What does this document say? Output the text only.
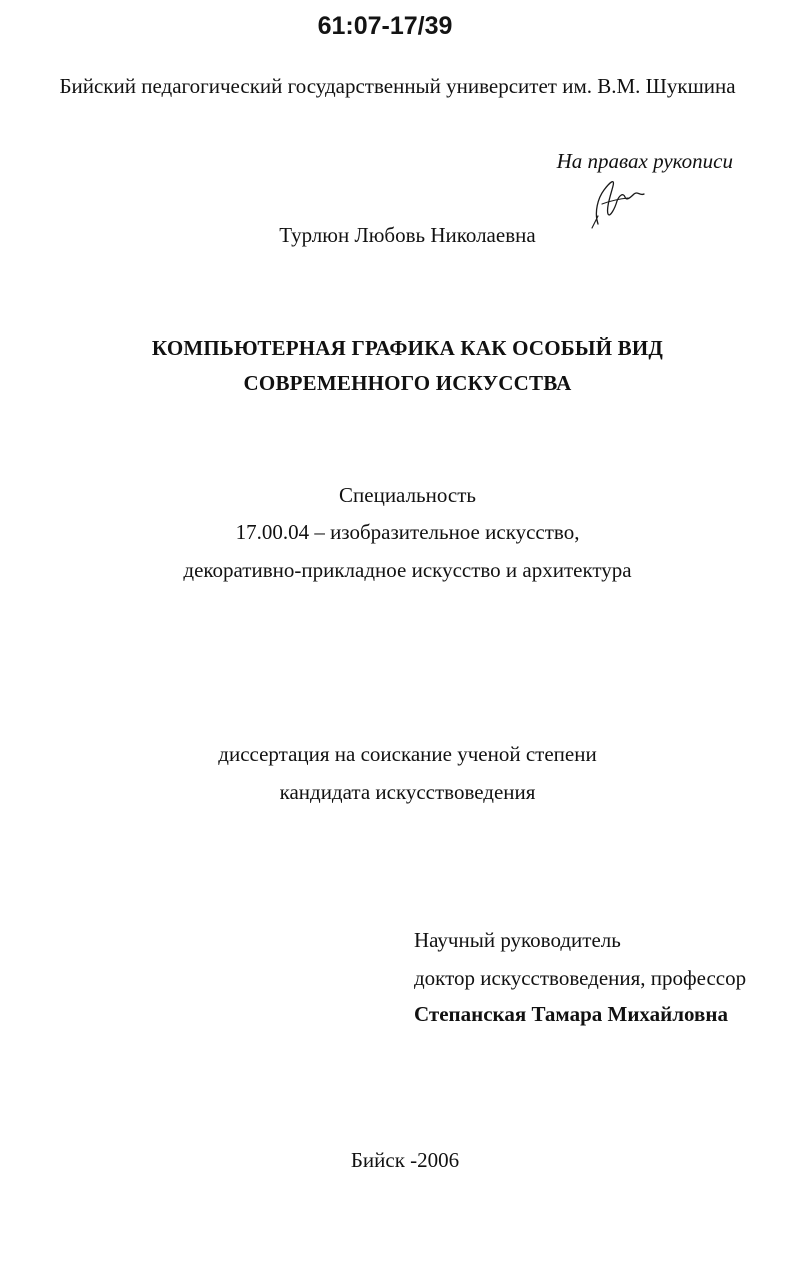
61:07-17/39
Бийский педагогический государственный университет им. В.М. Шукшина
На правах рукописи
Турлюн Любовь Николаевна
КОМПЬЮТЕРНАЯ ГРАФИКА КАК ОСОБЫЙ ВИД
СОВРЕМЕННОГО ИСКУССТВА
Специальность
17.00.04 – изобразительное искусство,
декоративно-прикладное искусство и архитектура
диссертация на соискание ученой степени
кандидата искусствоведения
Научный руководитель
доктор искусствоведения, профессор
Степанская Тамара Михайловна
Бийск -2006
